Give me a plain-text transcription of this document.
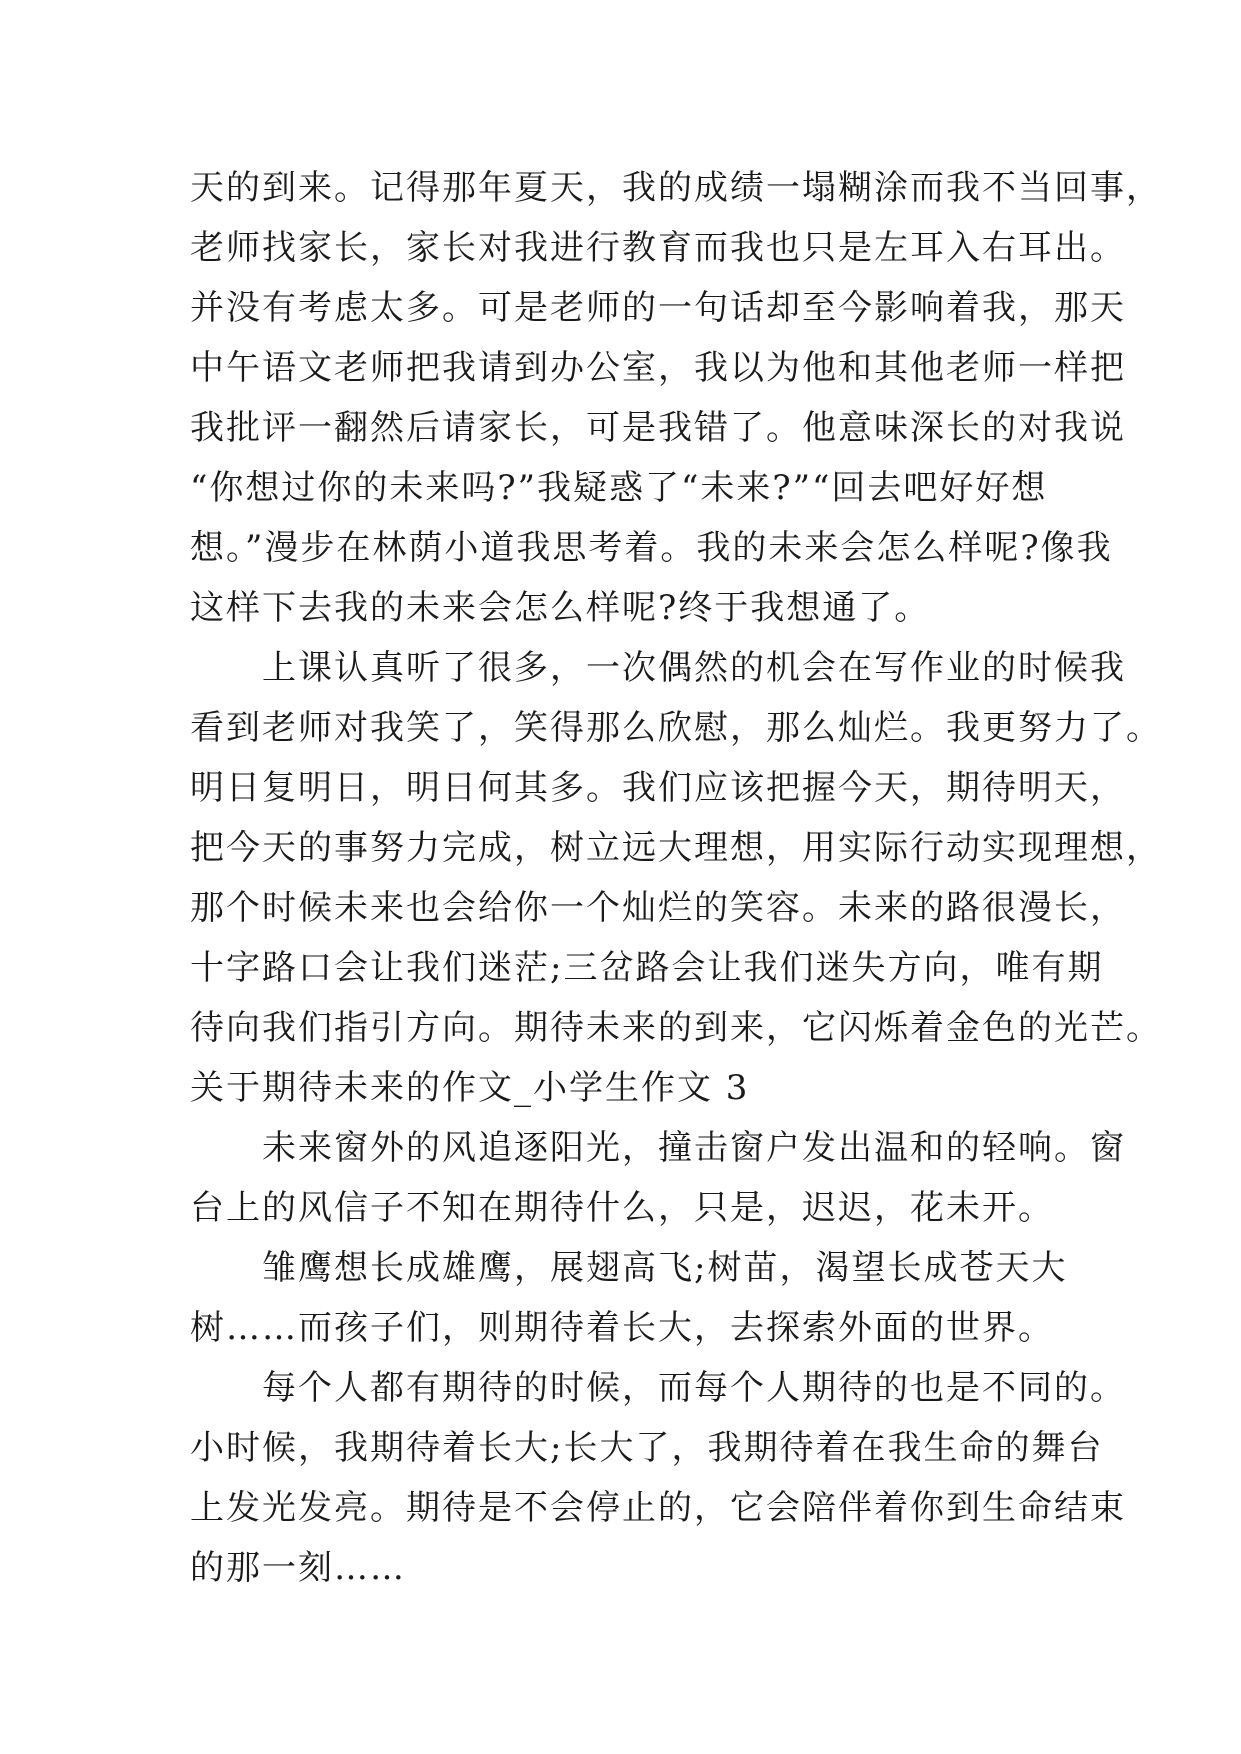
天的到来。记得那年夏天，我的成绩一塌糊涂而我不当回事，
老师找家长，家长对我进行教育而我也只是左耳入右耳出。
并没有考虑太多。可是老师的一句话却至今影响着我，那天
中午语文老师把我请到办公室，我以为他和其他老师一样把
我批评一翻然后请家长，可是我错了。他意味深长的对我说
“你想过你的未来吗?”我疑惑了“未来?”“回去吧好好想
想。”漫步在林荫小道我思考着。我的未来会怎么样呢?像我
这样下去我的未来会怎么样呢?终于我想通了。
　　上课认真听了很多，一次偶然的机会在写作业的时候我
看到老师对我笑了，笑得那么欣慰，那么灿烂。我更努力了。
明日复明日，明日何其多。我们应该把握今天，期待明天，
把今天的事努力完成，树立远大理想，用实际行动实现理想，
那个时候未来也会给你一个灿烂的笑容。未来的路很漫长，
十字路口会让我们迷茫;三岔路会让我们迷失方向，唯有期
待向我们指引方向。期待未来的到来，它闪烁着金色的光芒。
关于期待未来的作文_小学生作文 3
　　未来窗外的风追逐阳光，撞击窗户发出温和的轻响。窗
台上的风信子不知在期待什么，只是，迟迟，花未开。
　　雏鹰想长成雄鹰，展翅高飞;树苗，渴望长成苍天大
树……而孩子们，则期待着长大，去探索外面的世界。
　　每个人都有期待的时候，而每个人期待的也是不同的。
小时候，我期待着长大;长大了，我期待着在我生命的舞台
上发光发亮。期待是不会停止的，它会陪伴着你到生命结束
的那一刻……
